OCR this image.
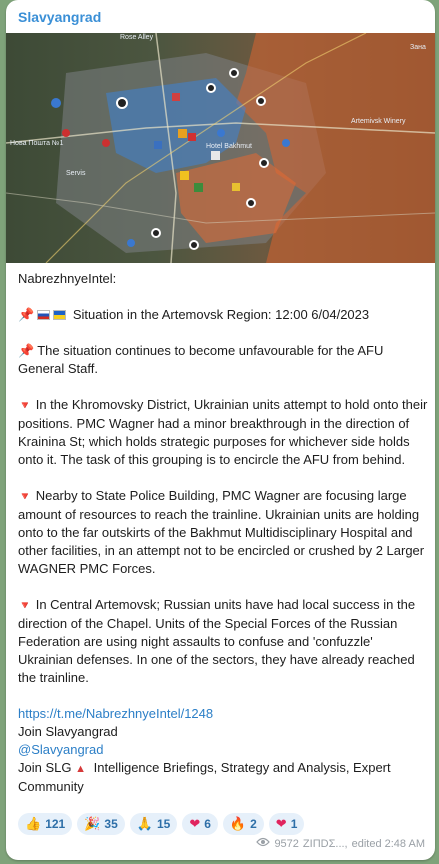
Slavyangrad
Rose Alley
Нова Пошта №1	Hotel Bakhmut
Artemivsk Winery
Servis
Зана

NabrezhnyeIntel:

📌	Situation in the Artemovsk Region: 12:00 6/04/2023

📌 The situation continues to become unfavourable for the AFU General Staff.

🔻 In the Khromovsky District, Ukrainian units attempt to hold onto their positions. PMC Wagner had a minor breakthrough in the direction of Krainina St; which holds strategic purposes for whichever side holds onto it. The task of this grouping is to encircle the AFU from behind.

🔻 Nearby to State Police Building, PMC Wagner are focusing large amount of resources to reach the trainline. Ukrainian units are holding onto to the far outskirts of the Bakhmut Multidisciplinary Hospital and other facilities, in an attempt not to be encircled or crushed by 2 Larger WAGNER PMC Forces.

🔻 In Central Artemovsk; Russian units have had local success in the direction of the Chapel. Units of the Special Forces of the Russian Federation are using night assaults to confuse and 'confuzzle' Ukrainian defenses. In one of the sectors, they have already reached the trainline.

https://t.me/NabrezhnyeIntel/1248

Join Slavyangrad

@Slavyangrad

Join SLG ▲ Intelligence Briefings, Strategy and Analysis, Expert Community

👍 121 🎉 35 🙏 15 ❤ 6 🔥 2 ❤ 1
9572 ZIΠDΣ..., edited 2:48 AM
